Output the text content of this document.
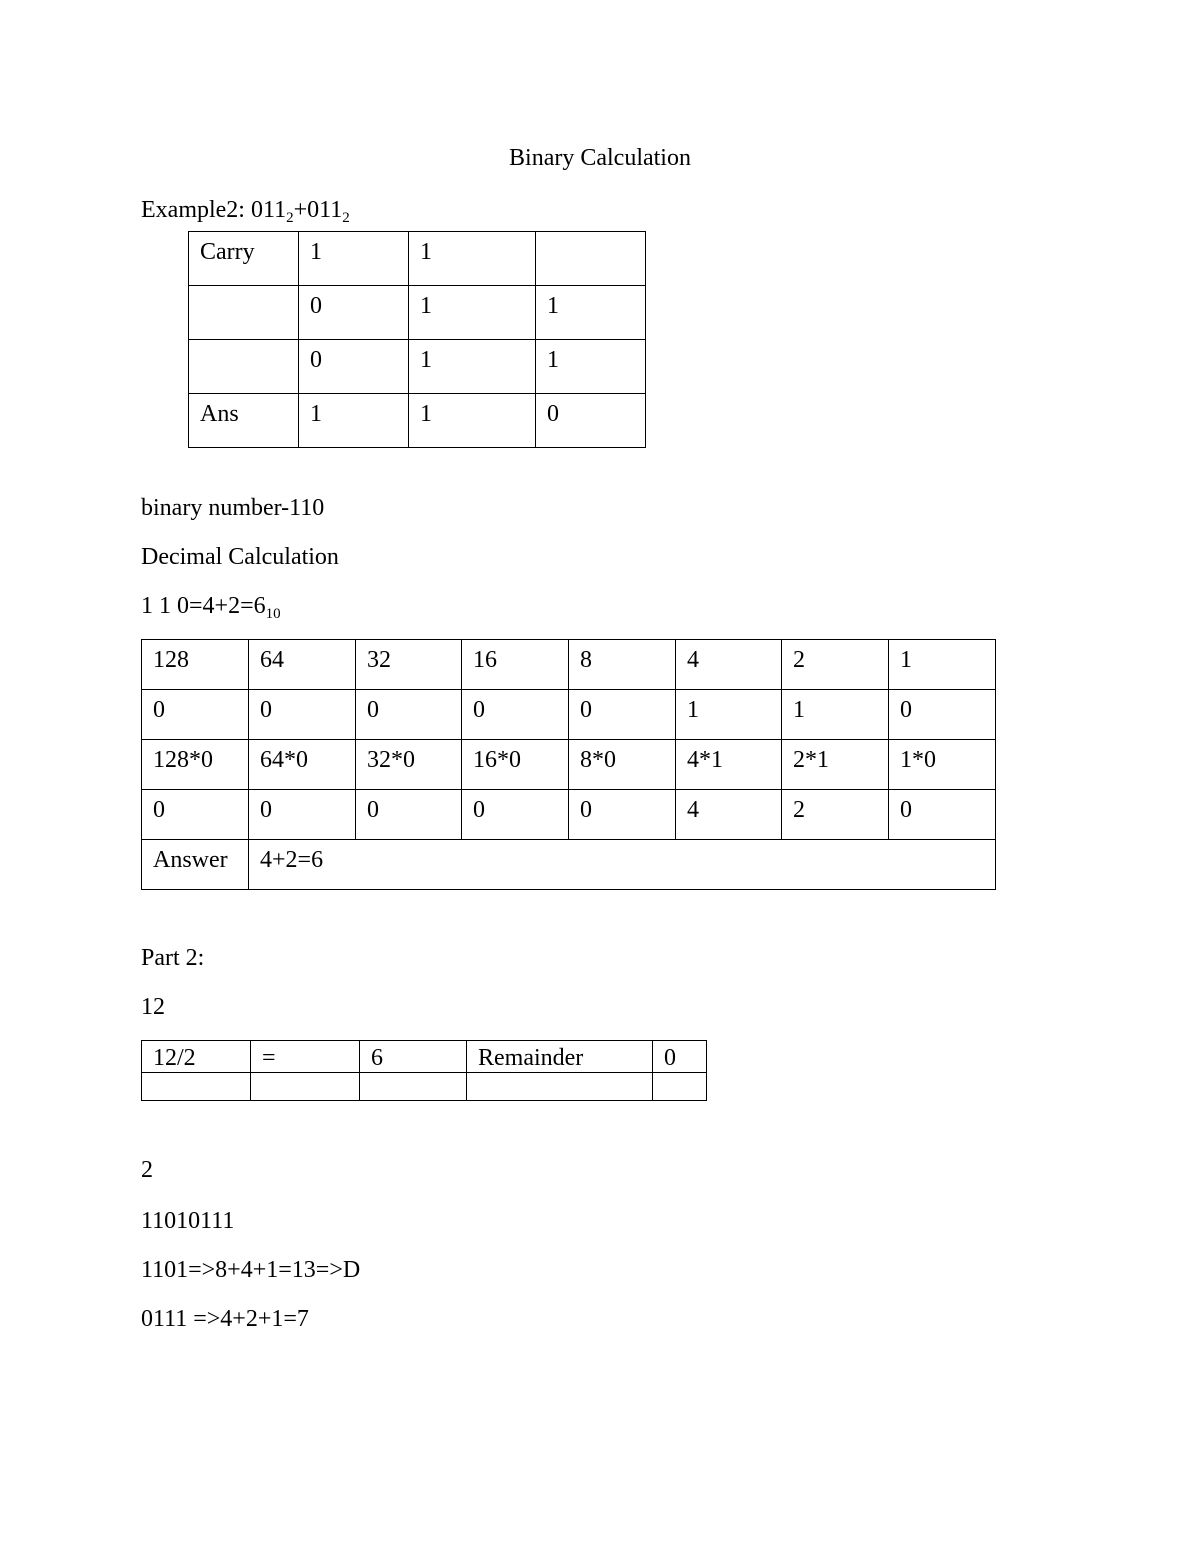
Binary Calculation
Example2: $011_2+011_2$
Carry	1	1	

	0	1	1

	0	1	1

Ans	1	1	0
binary number-110
Decimal Calculation
1 1 $0=4+2=6_{10}$
128	64	32	16	8	4	2	1

0	0	0	0	0	1	1	0

128*0	64*0	32*0	16*0	8*0	4*1	2*1	1*0

0	0	0	0	0	4	2	0

Answer	4+2=6						
Part 2:
12
12/2	=	6	Remainder	0

2
11010111
1101=>8+4+1=13=>D
0111 =>4+2+1=7
